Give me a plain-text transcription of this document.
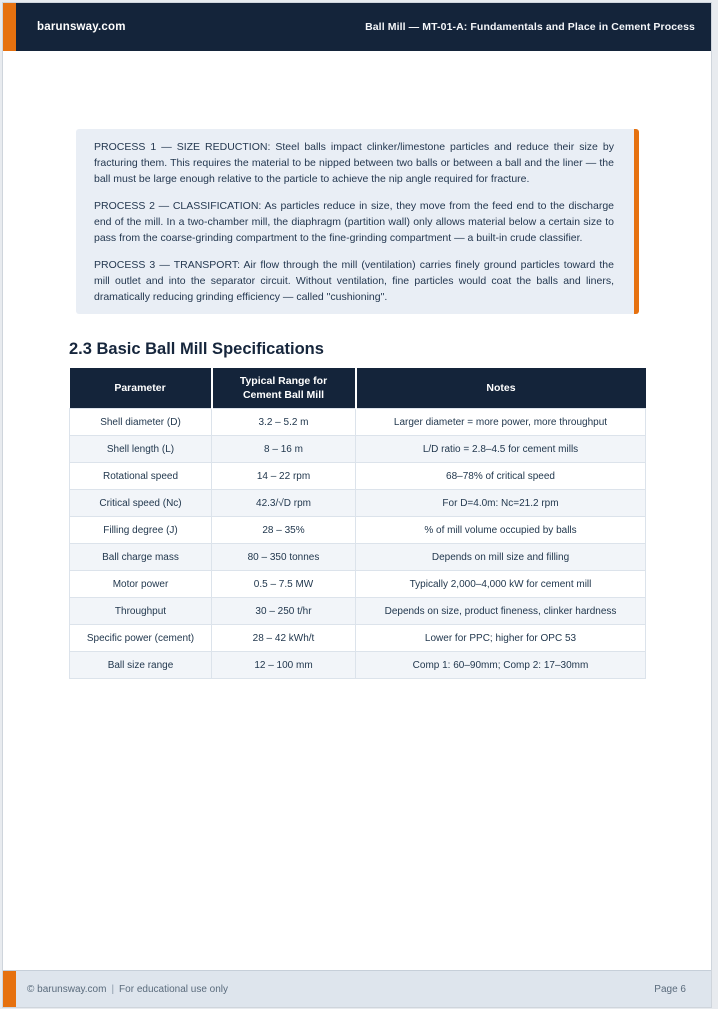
barunsway.com	Ball Mill — MT-01-A: Fundamentals and Place in Cement Process

PROCESS 1 — SIZE REDUCTION: Steel balls impact clinker/limestone particles and reduce their size by fracturing them. This requires the material to be nipped between two balls or between a ball and the liner — the ball must be large enough relative to the particle to achieve the nip angle required for fracture.

PROCESS 2 — CLASSIFICATION: As particles reduce in size, they move from the feed end to the discharge end of the mill. In a two-chamber mill, the diaphragm (partition wall) only allows material below a certain size to pass from the coarse-grinding compartment to the fine-grinding compartment — a built-in crude classifier.

PROCESS 3 — TRANSPORT: Air flow through the mill (ventilation) carries finely ground particles toward the mill outlet and into the separator circuit. Without ventilation, fine particles would coat the balls and liners, dramatically reducing grinding efficiency — called "cushioning".

2.3 Basic Ball Mill Specifications
Parameter	Typical Range for Cement Ball Mill	Notes
Shell diameter (D)	3.2 – 5.2 m	Larger diameter = more power, more throughput
Shell length (L)	8 – 16 m	L/D ratio = 2.8–4.5 for cement mills
Rotational speed	14 – 22 rpm	68–78% of critical speed
Critical speed (Nc)	42.3/√D rpm	For D=4.0m: Nc=21.2 rpm
Filling degree (J)	28 – 35%	% of mill volume occupied by balls
Ball charge mass	80 – 350 tonnes	Depends on mill size and filling
Motor power	0.5 – 7.5 MW	Typically 2,000–4,000 kW for cement mill
Throughput	30 – 250 t/hr	Depends on size, product fineness, clinker hardness
Specific power (cement)	28 – 42 kWh/t	Lower for PPC; higher for OPC 53
Ball size range	12 – 100 mm	Comp 1: 60–90mm; Comp 2: 17–30mm
© barunsway.com | For educational use only	Page 6
